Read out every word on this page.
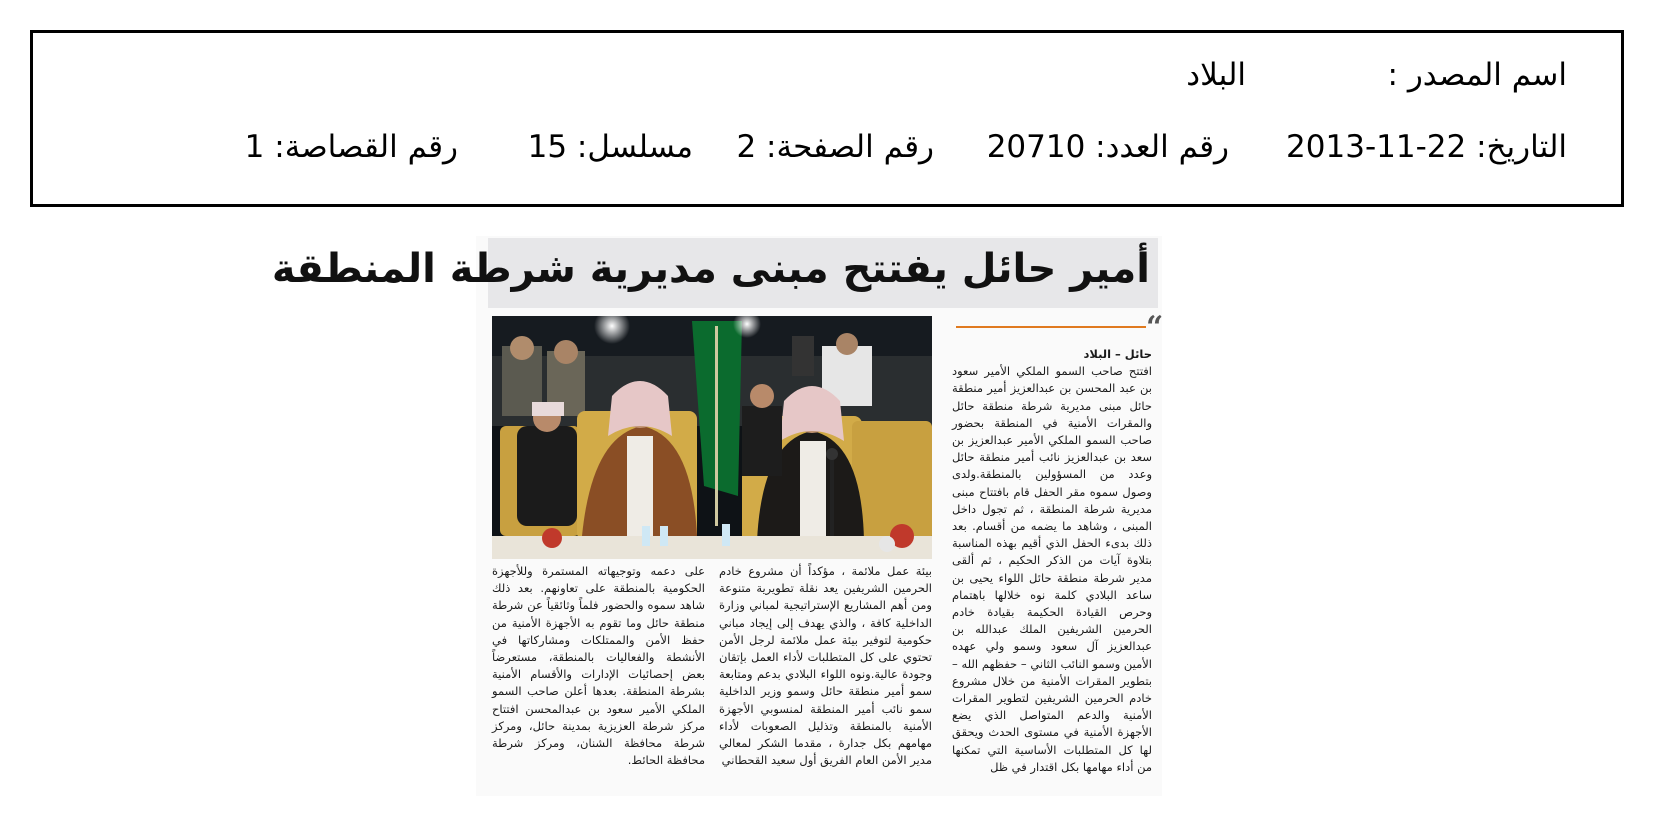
اسم المصدر :
البلاد
التاريخ: 22-11-2013
رقم العدد: 20710
رقم الصفحة: 2
مسلسل: 15
رقم القصاصة: 1
أمير حائل يفتتح مبنى مديرية شرطة المنطقة
“
حائل – البلاد
افتتح صاحب السمو الملكي الأمير سعود بن عبد المحسن بن عبدالعزيز أمير منطقة حائل مبنى مديرية شرطة منطقة حائل والمقرات الأمنية في المنطقة بحضور صاحب السمو الملكي الأمير عبدالعزيز بن سعد بن عبدالعزيز نائب أمير منطقة حائل وعدد من المسؤولين بالمنطقة.ولدى وصول سموه مقر الحفل قام بافتتاح مبنى مديرية شرطة المنطقة ، ثم تجول داخل المبنى ، وشاهد ما يضمه من أقسام. بعد ذلك بدىء الحفل الذي أقيم بهذه المناسبة بتلاوة آيات من الذكر الحكيم ، ثم ألقى مدير شرطة منطقة حائل اللواء يحيى بن ساعد البلادي كلمة نوه خلالها باهتمام وحرص القيادة الحكيمة بقيادة خادم الحرمين الشريفين الملك عبدالله بن عبدالعزيز آل سعود وسمو ولي عهده الأمين وسمو النائب الثاني – حفظهم الله – بتطوير المقرات الأمنية من خلال مشروع خادم الحرمين الشريفين لتطوير المقرات الأمنية والدعم المتواصل الذي يضع الأجهزة الأمنية في مستوى الحدث ويحقق لها كل المتطلبات الأساسية التي تمكنها من أداء مهامها بكل اقتدار في ظل
بيئة عمل ملائمة ، مؤكداً أن مشروع خادم الحرمين الشريفين يعد نقلة تطويرية متنوعة ومن أهم المشاريع الإستراتيجية لمباني وزارة الداخلية كافة ، والذي يهدف إلى إيجاد مباني حكومية لتوفير بيئة عمل ملائمة لرجل الأمن تحتوي على كل المتطلبات لأداء العمل بإتقان وجودة عالية.ونوه اللواء البلادي بدعم ومتابعة سمو أمير منطقة حائل وسمو وزير الداخلية سمو نائب أمير المنطقة لمنسوبي الأجهزة الأمنية بالمنطقة وتذليل الصعوبات لأداء مهامهم بكل جدارة ، مقدما الشكر لمعالي مدير الأمن العام الفريق أول سعيد القحطاني
على دعمه وتوجيهاته المستمرة وللأجهزة الحكومية بالمنطقة على تعاونهم. بعد ذلك شاهد سموه والحضور فلماً وثائقياً عن شرطة منطقة حائل وما تقوم به الأجهزة الأمنية من حفظ الأمن والممتلكات ومشاركاتها في الأنشطة والفعاليات بالمنطقة، مستعرضاً بعض إحصائيات الإدارات والأقسام الأمنية بشرطة المنطقة. بعدها أعلن صاحب السمو الملكي الأمير سعود بن عبدالمحسن افتتاح مركز شرطة العزيزية بمدينة حائل، ومركز شرطة محافظة الشنان، ومركز شرطة محافظة الحائط.
